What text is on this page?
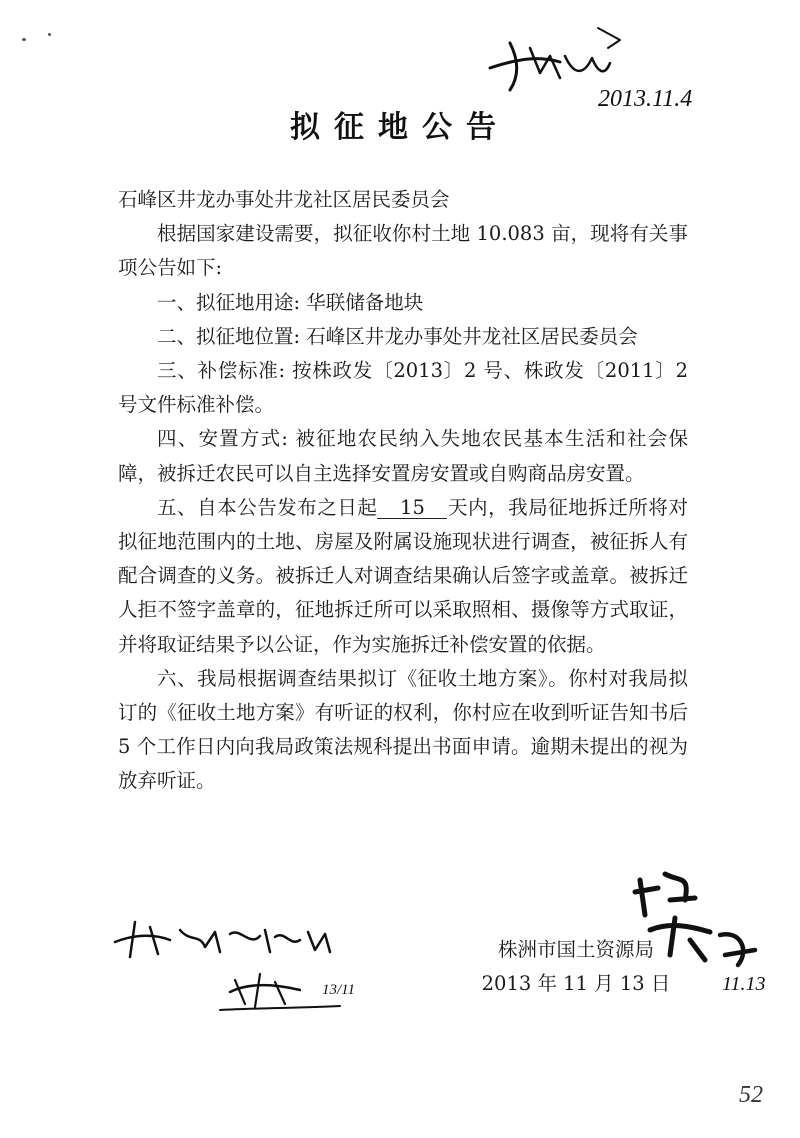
拟征地公告

石峰区井龙办事处井龙社区居民委员会

根据国家建设需要，拟征收你村土地 10.083 亩，现将有关事项公告如下:

一、拟征地用途: 华联储备地块

二、拟征地位置: 石峰区井龙办事处井龙社区居民委员会

三、补偿标准: 按株政发〔2013〕2 号、株政发〔2011〕2 号文件标准补偿。

四、安置方式: 被征地农民纳入失地农民基本生活和社会保障，被拆迁农民可以自主选择安置房安置或自购商品房安置。

五、自本公告发布之日起 15 天内，我局征地拆迁所将对拟征地范围内的土地、房屋及附属设施现状进行调查，被征拆人有配合调查的义务。被拆迁人对调查结果确认后签字或盖章。被拆迁人拒不签字盖章的，征地拆迁所可以采取照相、摄像等方式取证，并将取证结果予以公证，作为实施拆迁补偿安置的依据。

六、我局根据调查结果拟订《征收土地方案》。你村对我局拟订的《征收土地方案》有听证的权利，你村应在收到听证告知书后 5 个工作日内向我局政策法规科提出书面申请。逾期未提出的视为放弃听证。

株洲市国土资源局
2013 年 11 月 13 日
2013.11.4
13/11	11.13
52
